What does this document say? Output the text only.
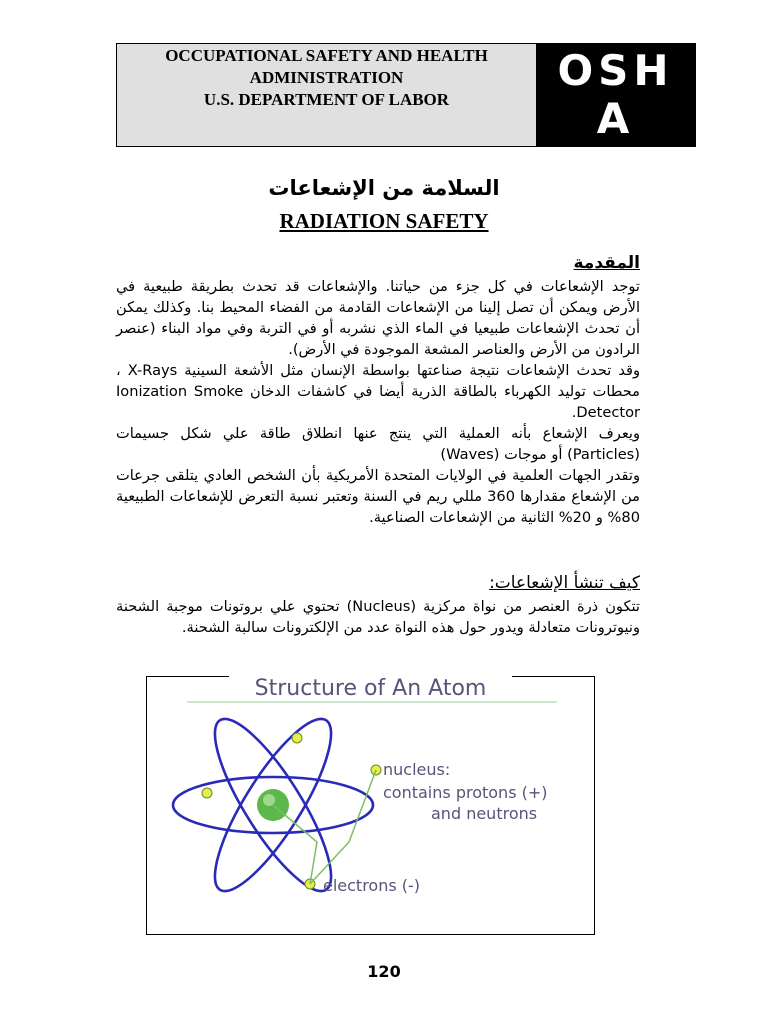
OCCUPATIONAL SAFETY AND HEALTH
ADMINISTRATION
U.S. DEPARTMENT OF LABOR
OSH
A
السلامة من الإشعاعات
RADIATION SAFETY
المقدمة

توجد الإشعاعات في كل جزء من حياتنا. والإشعاعات قد تحدث بطريقة طبيعية في الأرض ويمكن أن تصل إلينا من الإشعاعات القادمة من الفضاء المحيط بنا. وكذلك يمكن أن تحدث الإشعاعات طبيعيا في الماء الذي نشربه أو في التربة وفي مواد البناء (عنصر الرادون من الأرض والعناصر المشعة الموجودة في الأرض).

وقد تحدث الإشعاعات نتيجة صناعتها بواسطة الإنسان مثل الأشعة السينية X-Rays ، محطات توليد الكهرباء بالطاقة الذرية أيضا في كاشفات الدخان Ionization Smoke Detector.

ويعرف الإشعاع بأنه العملية التي ينتج عنها انطلاق طاقة علي شكل جسيمات (Particles) أو موجات (Waves)

وتقدر الجهات العلمية في الولايات المتحدة الأمريكية بأن الشخص العادي يتلقى جرعات من الإشعاع مقدارها 360 مللي ريم في السنة وتعتبر نسبة التعرض للإشعاعات الطبيعية 80% و 20% الثانية من الإشعاعات الصناعية.

كيف تنشأ الإشعاعات:

تتكون ذرة العنصر من نواة مركزية (Nucleus) تحتوي علي بروتونات موجبة الشحنة ونيوترونات متعادلة ويدور حول هذه النواة عدد من الإلكترونات سالبة الشحنة.

nucleus:
contains protons (+)
and neutrons
electrons (-)
Structure of An Atom
120
